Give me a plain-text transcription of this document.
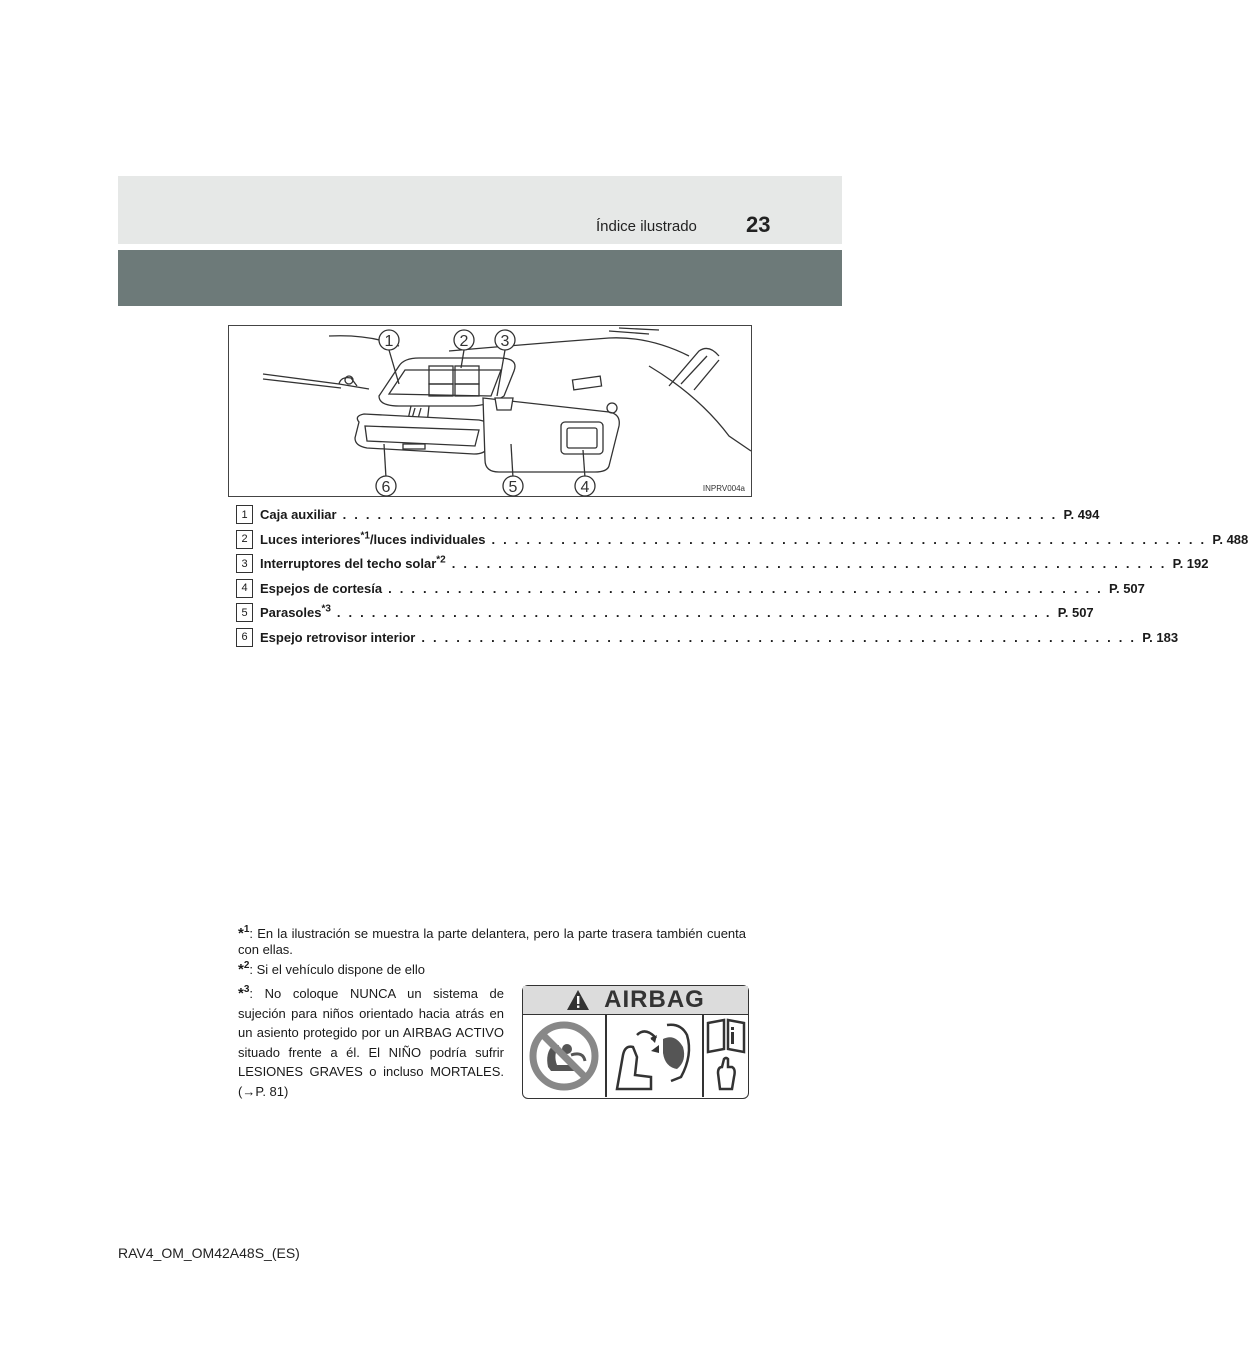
Índice ilustrado 23
1	2 3
4
5
6	INPRV004a
1 Caja auxiliar . . . . . . . . . . . . . . . . . . . . . . . . . . . . . . . . . . . . . . . . . . . . . . . . . . . . . . . . . . . . . . P. 494
2 Luces interiores$^{*1}$/luces individuales . . . . . . . . . . . . . . . . . . . . . . . . . . . . . . . . . . . . . . . . . . . . . . . . . . . . . . . . . . . . . . P. 488
3 Interruptores del techo solar$^{*2}$ . . . . . . . . . . . . . . . . . . . . . . . . . . . . . . . . . . . . . . . . . . . . . . . . . . . . . . . . . . . . . . P. 192
4 Espejos de cortesía . . . . . . . . . . . . . . . . . . . . . . . . . . . . . . . . . . . . . . . . . . . . . . . . . . . . . . . . . . . . . . P. 507
5 Parasoles$^{*3}$ . . . . . . . . . . . . . . . . . . . . . . . . . . . . . . . . . . . . . . . . . . . . . . . . . . . . . . . . . . . . . . P. 507
6 Espejo retrovisor interior . . . . . . . . . . . . . . . . . . . . . . . . . . . . . . . . . . . . . . . . . . . . . . . . . . . . . . . . . . . . . . P. 183
*$^1$: En la ilustración se muestra la parte delantera, pero la parte trasera también cuenta con ellas.
*$^2$: Si el vehículo dispone de ello
*$^3$: No coloque NUNCA un sistema de sujeción para niños orientado hacia atrás en un asiento protegido por un AIRBAG ACTIVO situado frente a él. El NIÑO podría sufrir LESIONES GRAVES o incluso MORTALES. (→P. 81)
AIRBAG
RAV4_OM_OM42A48S_(ES)
